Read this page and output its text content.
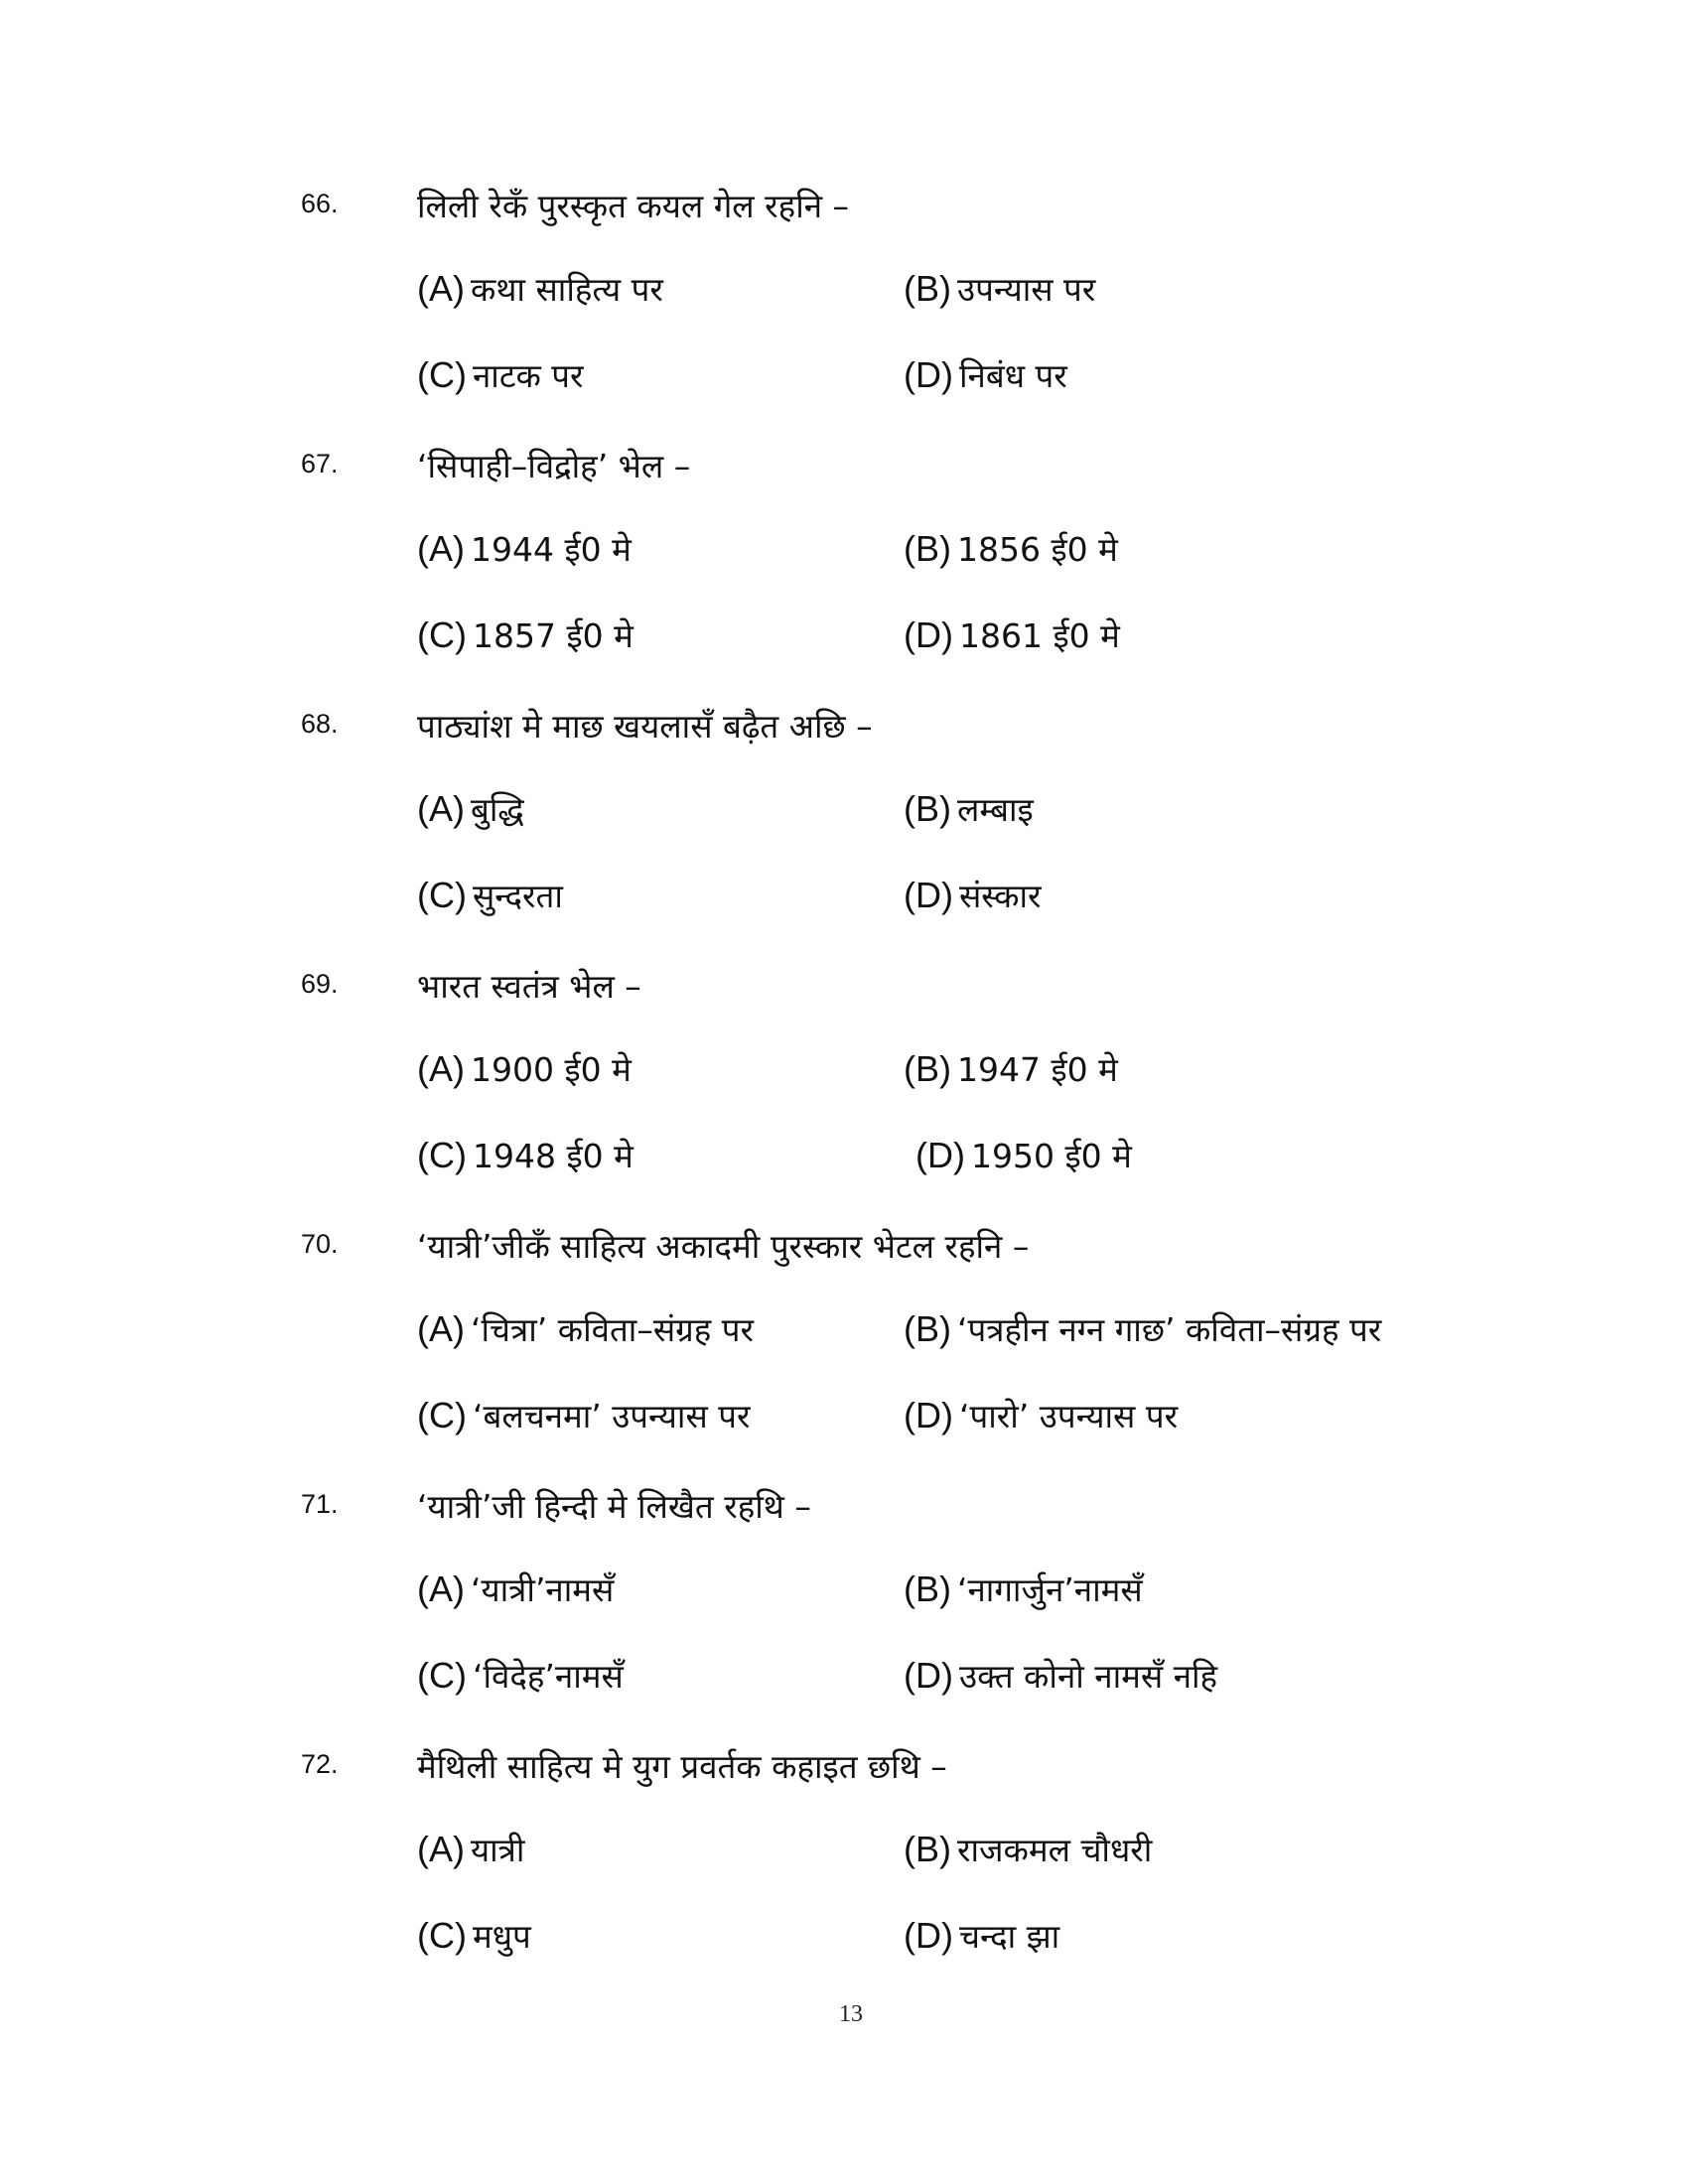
66. लिली रेकँ पुरस्कृत कयल गेल रहनि –
(A) कथा साहित्य पर	(B) उपन्यास पर
(C) नाटक पर	(D) निबंध पर
67. ‘सिपाही–विद्रोह’ भेल –
(A) 1944 ई0 मे	(B) 1856 ई0 मे
(C) 1857 ई0 मे	(D) 1861 ई0 मे
68. पाठ्यांश मे माछ खयलासँ बढ़ैत अछि –
(A) बुद्धि	(B) लम्बाइ
(C) सुन्दरता	(D) संस्कार
69. भारत स्वतंत्र भेल –
(A) 1900 ई0 मे	(B) 1947 ई0 मे
(C) 1948 ई0 मे	(D) 1950 ई0 मे
70. ‘यात्री’जीकँ साहित्य अकादमी पुरस्कार भेटल रहनि –
(A) ‘चित्रा’ कविता–संग्रह पर	(B) ‘पत्रहीन नग्न गाछ’ कविता–संग्रह पर
(C) ‘बलचनमा’ उपन्यास पर	(D) ‘पारो’ उपन्यास पर
71. ‘यात्री’जी हिन्दी मे लिखैत रहथि –
(A) ‘यात्री’नामसँ	(B) ‘नागार्जुन’नामसँ
(C) ‘विदेह’नामसँ	(D) उक्त कोनो नामसँ नहि
72. मैथिली साहित्य मे युग प्रवर्तक कहाइत छथि –
(A) यात्री	(B) राजकमल चौधरी
(C) मधुप	(D) चन्दा झा
13
